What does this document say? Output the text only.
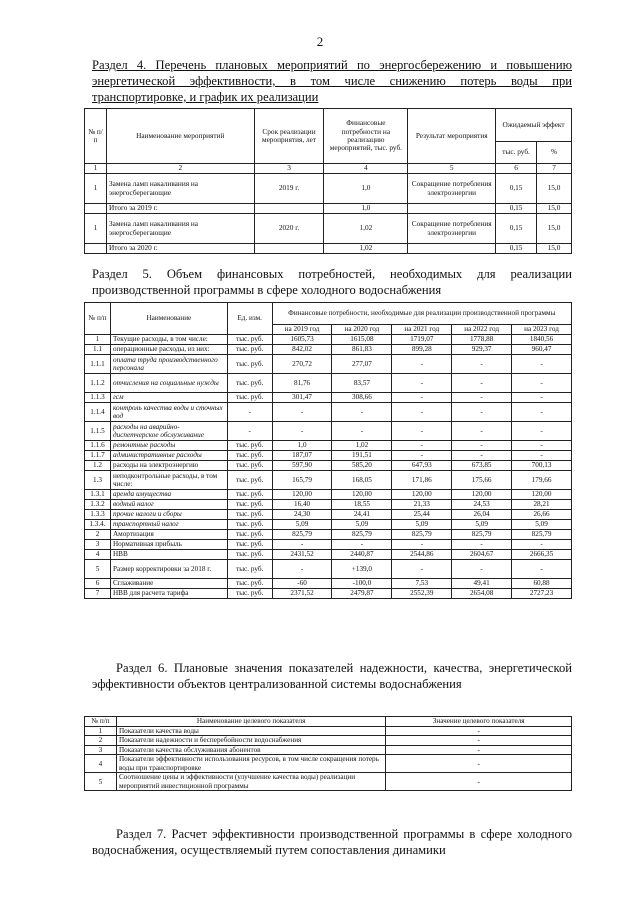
2
Раздел 4. Перечень плановых мероприятий по энергосбережению и повышению энергетической эффективности, в том числе снижению потерь воды при транспортировке, и график их реализации
№ п/п	Наименование мероприятий	Срок реализации мероприятия, лет	Финансовые потребности на реализацию мероприятий, тыс. руб.	Результат мероприятия	Ожидаемый эффект	
					тыс. руб.	%
1	2	3	4	5	6	7
1	Замена ламп накаливания на энергосберегающие	2019 г.	1,0	Сокращение потребления электроэнергии	0,15	15,0
	Итого за 2019 г.		1,0		0,15	15,0
1	Замена ламп накаливания на энергосберегающие	2020 г.	1,02	Сокращение потребления электроэнергии	0,15	15,0
	Итого за 2020 г.		1,02		0,15	15,0
Раздел 5. Объем финансовых потребностей, необходимых для реализации производственной программы в сфере холодного водоснабжения
№ п/п	Наименование	Ед. изм.	Финансовые потребности, необходимые для реализации производственной программы				
			на 2019 год	на 2020 год	на 2021 год	на 2022 год	на 2023 год
1	Текущие расходы, в том числе:	тыс. руб.	1605,73	1615,08	1719,07	1778,88	1840,56
1.1	операционные расходы, из них:	тыс. руб.	842,02	861,83	899,28	929,37	960,47
1.1.1	оплата труда производственного персонала	тыс. руб.	270,72	277,07	-	-	-
1.1.2	отчисления на социальные нужды	тыс. руб.	81,76	83,57	-	-	-
1.1.3	гсм	тыс. руб.	301,47	308,66	-	-	-
1.1.4	контроль качества воды и сточных вод	-	-	-	-	-	-
1.1.5	расходы на аварийно-диспетчерское обслуживание	-	-	-	-	-	-
1.1.6	ремонтные расходы	тыс. руб.	1,0	1,02	-	-	-
1.1.7	административные расходы	тыс. руб.	187,07	191,51	-	-	-
1.2	расходы на электроэнергию	тыс. руб.	597,90	585,20	647,93	673,85	700,13
1.3	неподконтрольные расходы, в том числе:	тыс. руб.	165,79	168,05	171,86	175,66	179,66
1.3.1	аренда имущества	тыс. руб.	120,00	120,00	120,00	120,00	120,00
1.3.2	водный налог	тыс. руб.	16,40	18,55	21,33	24,53	28,21
1.3.3	прочие налоги и сборы	тыс. руб.	24,30	24,41	25,44	26,04	26,66
1.3.4.	транспортный налог	тыс. руб.	5,09	5,09	5,09	5,09	5,09
2	Амортизация	тыс. руб.	825,79	825,79	825,79	825,79	825,79
3	Нормативная прибыль	тыс. руб.	-	-	-	-	-
4	НВВ	тыс. руб.	2431,52	2440,87	2544,86	2604,67	2666,35
5	Размер корректировки за 2018 г.	тыс. руб.	-	+139,0	-	-	-
6	Сглаживание	тыс. руб.	-60	-100,0	7,53	49,41	60,88
7	НВВ для расчета тарифа	тыс. руб.	2371,52	2479,87	2552,39	2654,08	2727,23
Раздел 6. Плановые значения показателей надежности, качества, энергетической эффективности объектов централизованной системы водоснабжения
№ п/п	Наименование целевого показателя	Значение целевого показателя
1	Показатели качества воды	-
2	Показатели надежности и бесперебойности водоснабжения	-
3	Показатели качества обслуживания абонентов	-
4	Показатели эффективности использования ресурсов, в том числе сокращения потерь воды при транспортировке	-
5	Соотношение цены и эффективности (улучшение качества воды) реализации мероприятий инвестиционной программы	-
Раздел 7. Расчет эффективности производственной программы в сфере холодного водоснабжения, осуществляемый путем сопоставления динамики
